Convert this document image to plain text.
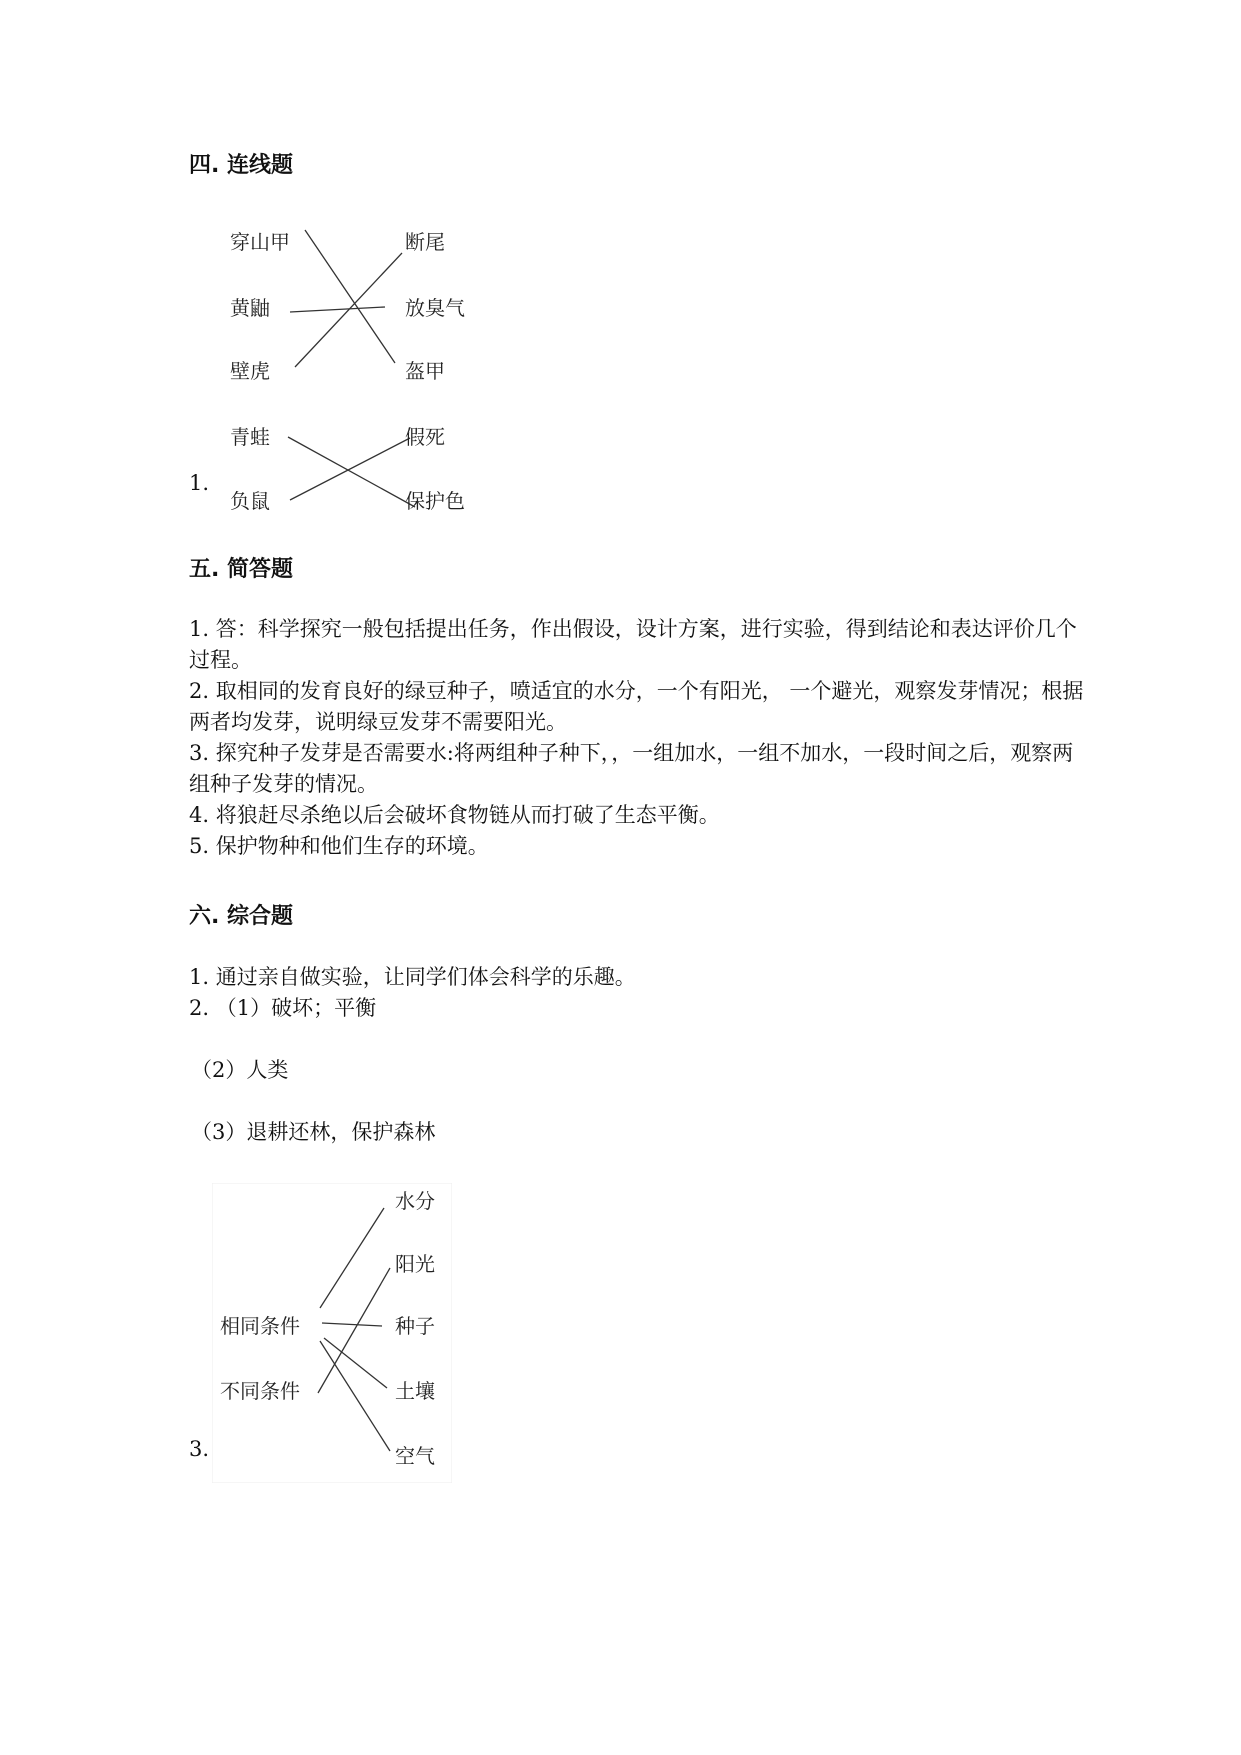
四. 连线题
穿山甲
黄鼬
壁虎
青蛙
负鼠
断尾
放臭气
盔甲
假死
保护色
1.
五. 简答题
1. 答：科学探究一般包括提出任务，作出假设，设计方案，进行实验，得到结论和表达评价几个过程。
2. 取相同的发育良好的绿豆种子，喷适宜的水分，一个有阳光， 一个避光，观察发芽情况；根据两者均发芽，说明绿豆发芽不需要阳光。
3. 探究种子发芽是否需要水:将两组种子种下，，一组加水，一组不加水，一段时间之后，观察两组种子发芽的情况。
4. 将狼赶尽杀绝以后会破坏食物链从而打破了生态平衡。
5. 保护物种和他们生存的环境。
六. 综合题
1. 通过亲自做实验，让同学们体会科学的乐趣。
2. （1）破坏；平衡
（2）人类
（3）退耕还林，保护森林
相同条件
不同条件
水分
阳光
种子
土壤
空气
3.
